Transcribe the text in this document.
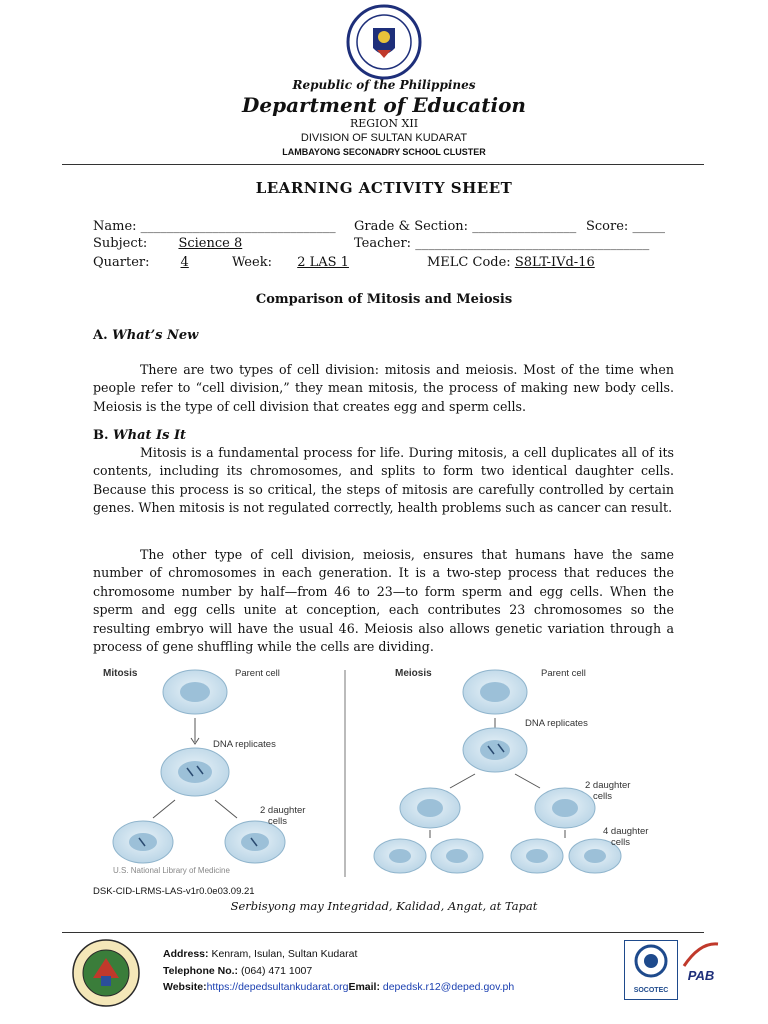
Republic of the Philippines
Department of Education
REGION XII
DIVISION OF SULTAN KUDARAT
LAMBAYONG SECONADRY SCHOOL CLUSTER
LEARNING ACTIVITY SHEET
Name: ______________________________ Grade & Section: ________________ Score: _____
Subject: Science 8	Teacher: ____________________________________
Quarter: 4	Week: 2 LAS 1	MELC Code: S8LT-IVd-16
Comparison of Mitosis and Meiosis
A. What’s New
There are two types of cell division: mitosis and meiosis. Most of the time when people refer to “cell division,” they mean mitosis, the process of making new body cells. Meiosis is the type of cell division that creates egg and sperm cells.
B. What Is It
Mitosis is a fundamental process for life. During mitosis, a cell duplicates all of its contents, including its chromosomes, and splits to form two identical daughter cells. Because this process is so critical, the steps of mitosis are carefully controlled by certain genes. When mitosis is not regulated correctly, health problems such as cancer can result.
The other type of cell division, meiosis, ensures that humans have the same number of chromosomes in each generation. It is a two-step process that reduces the chromosome number by half—from 46 to 23—to form sperm and egg cells. When the sperm and egg cells unite at conception, each contributes 23 chromosomes so the resulting embryo will have the usual 46. Meiosis also allows genetic variation through a process of gene shuffling while the cells are dividing.
Mitosis	Parent cell
DNA replicates
2 daughter
cells
U.S. National Library of Medicine
Meiosis	Parent cell
DNA replicates
2 daughter
cells
4 daughter
cells
DSK-CID-LRMS-LAS-v1r0.0e03.09.21
Serbisyong may Integridad, Kalidad, Angat, at Tapat
Address: Kenram, Isulan, Sultan Kudarat
Telephone No.: (064) 471 1007
Website:https://depedsultankudarat.orgEmail: depedsk.r12@deped.gov.ph	SOCOTEC
PAB
